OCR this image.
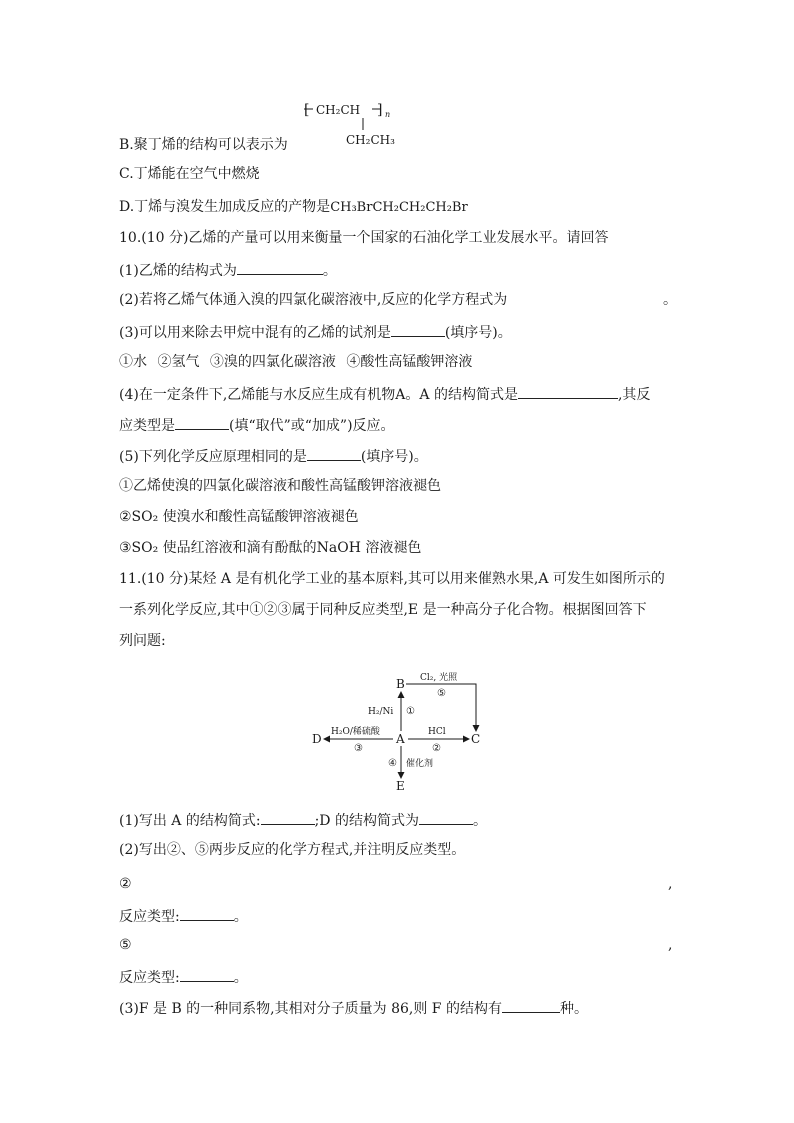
[ CH₂CH ] n
CH₂CH₃
B.聚丁烯的结构可以表示为
C.丁烯能在空气中燃烧
D.丁烯与溴发生加成反应的产物是CH₃BrCH₂CH₂CH₂Br
10.(10 分)乙烯的产量可以用来衡量一个国家的石油化学工业发展水平。请回答
(1)乙烯的结构式为	。
(2)若将乙烯气体通入溴的四氯化碳溶液中,反应的化学方程式为	。
(3)可以用来除去甲烷中混有的乙烯的试剂是	(填序号)。
①水 ②氢气 ③溴的四氯化碳溶液 ④酸性高锰酸钾溶液
(4)在一定条件下,乙烯能与水反应生成有机物A。A 的结构简式是	,其反
应类型是	(填“取代”或“加成”)反应。
(5)下列化学反应原理相同的是	(填序号)。
①乙烯使溴的四氯化碳溶液和酸性高锰酸钾溶液褪色
②SO₂ 使溴水和酸性高锰酸钾溶液褪色
③SO₂ 使品红溶液和滴有酚酞的NaOH 溶液褪色
11.(10 分)某烃 A 是有机化学工业的基本原料,其可以用来催熟水果,A 可发生如图所示的
一系列化学反应,其中①②③属于同种反应类型,E 是一种高分子化合物。根据图回答下
列问题:
B
A	C
D
E
H₂/Ni ①
Cl₂, 光照
⑤
HCl
②
H₂O/稀硫酸
③
④ 催化剂
(1)写出 A 的结构简式:	;D 的结构简式为	。
(2)写出②、⑤两步反应的化学方程式,并注明反应类型。
②	,
反应类型:	。
⑤	,
反应类型:	。
(3)F 是 B 的一种同系物,其相对分子质量为 86,则 F 的结构有	种。
